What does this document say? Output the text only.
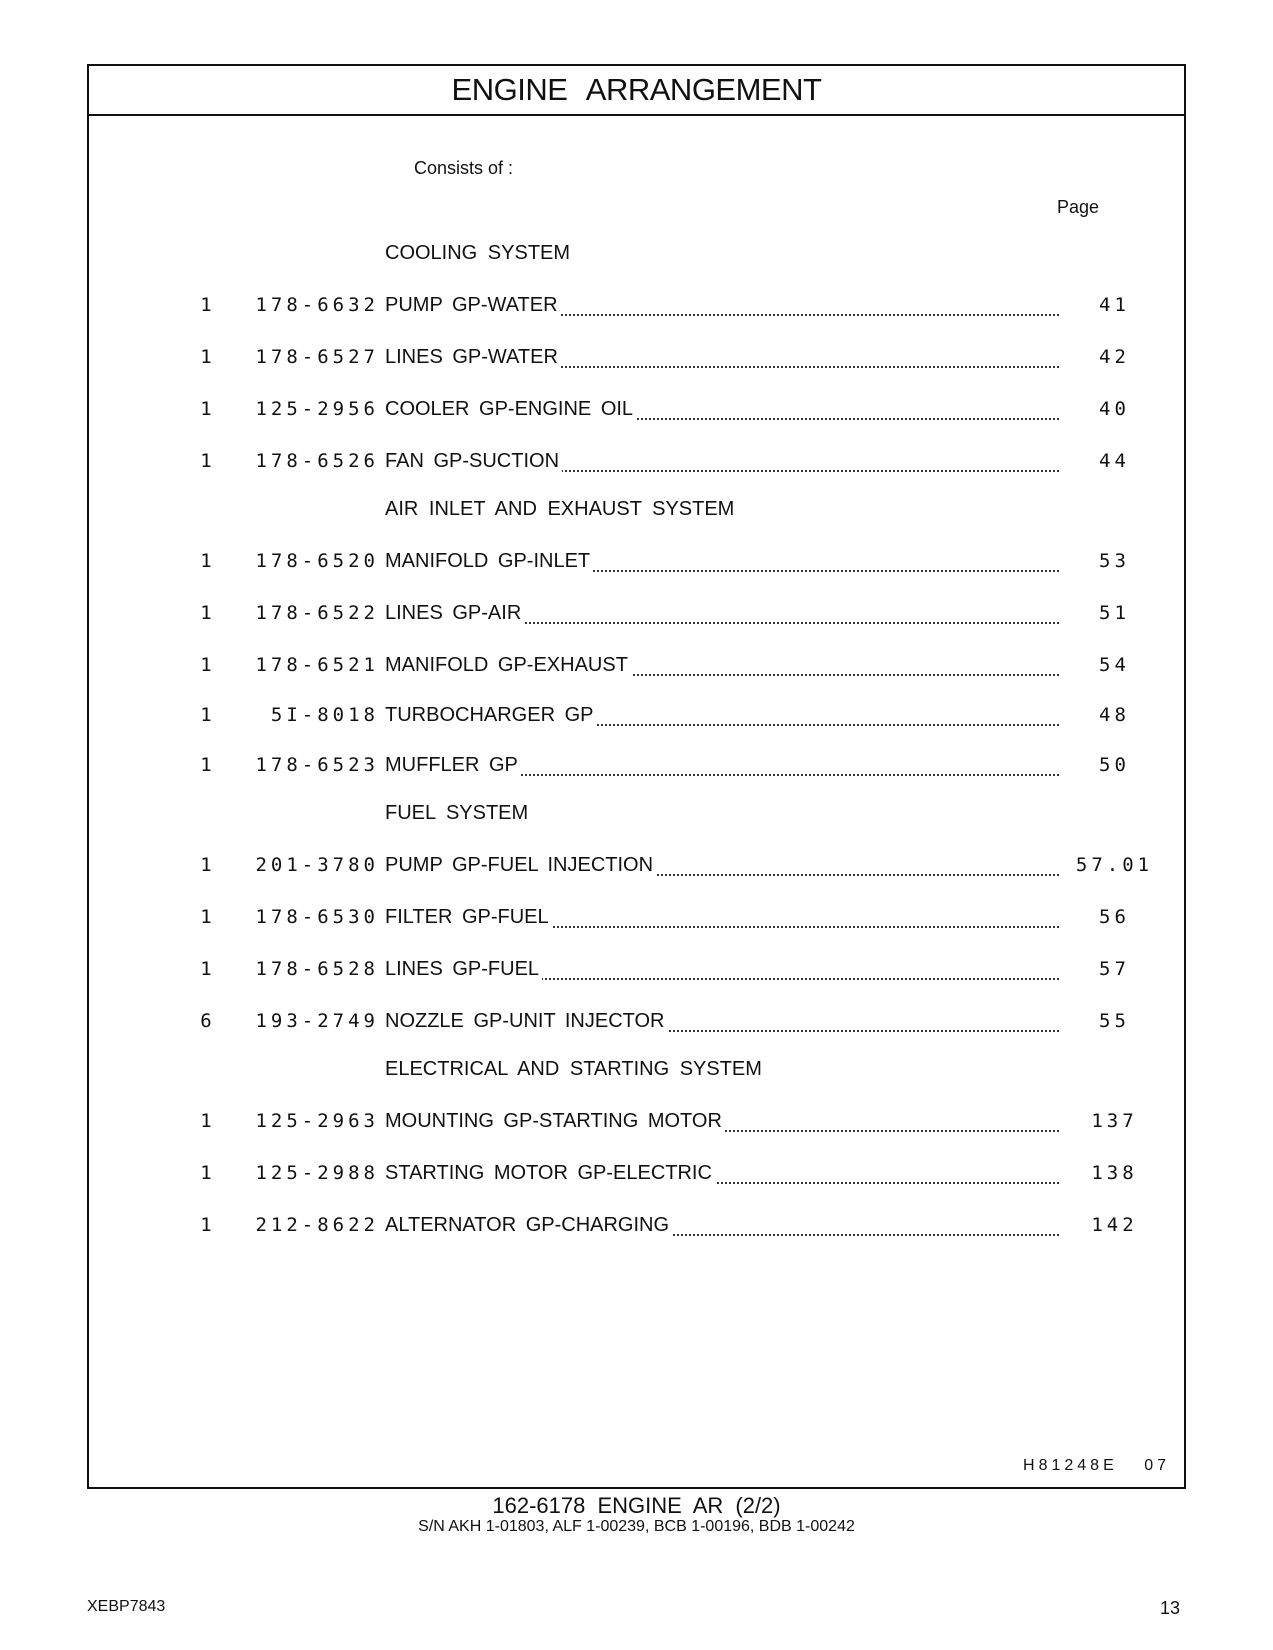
ENGINE ARRANGEMENT
Consists of :
Page
COOLING SYSTEM
1	178-6632 PUMP GP-WATER	41
1	178-6527 LINES GP-WATER	42
1	125-2956 COOLER GP-ENGINE OIL	40
1	178-6526 FAN GP-SUCTION	44
AIR INLET AND EXHAUST SYSTEM
1	178-6520 MANIFOLD GP-INLET	53
1	178-6522 LINES GP-AIR	51
1	178-6521 MANIFOLD GP-EXHAUST	54
1	5I-8018 TURBOCHARGER GP	48
1	178-6523 MUFFLER GP	50
FUEL SYSTEM
1	201-3780 PUMP GP-FUEL INJECTION	57.01
1	178-6530 FILTER GP-FUEL	56
1	178-6528 LINES GP-FUEL	57
6	193-2749 NOZZLE GP-UNIT INJECTOR	55
ELECTRICAL AND STARTING SYSTEM
1	125-2963 MOUNTING GP-STARTING MOTOR	137
1	125-2988 STARTING MOTOR GP-ELECTRIC	138
1	212-8622 ALTERNATOR GP-CHARGING	142
H81248E 07
162-6178 ENGINE AR (2/2)
S/N AKH 1-01803, ALF 1-00239, BCB 1-00196, BDB 1-00242
XEBP7843	13
